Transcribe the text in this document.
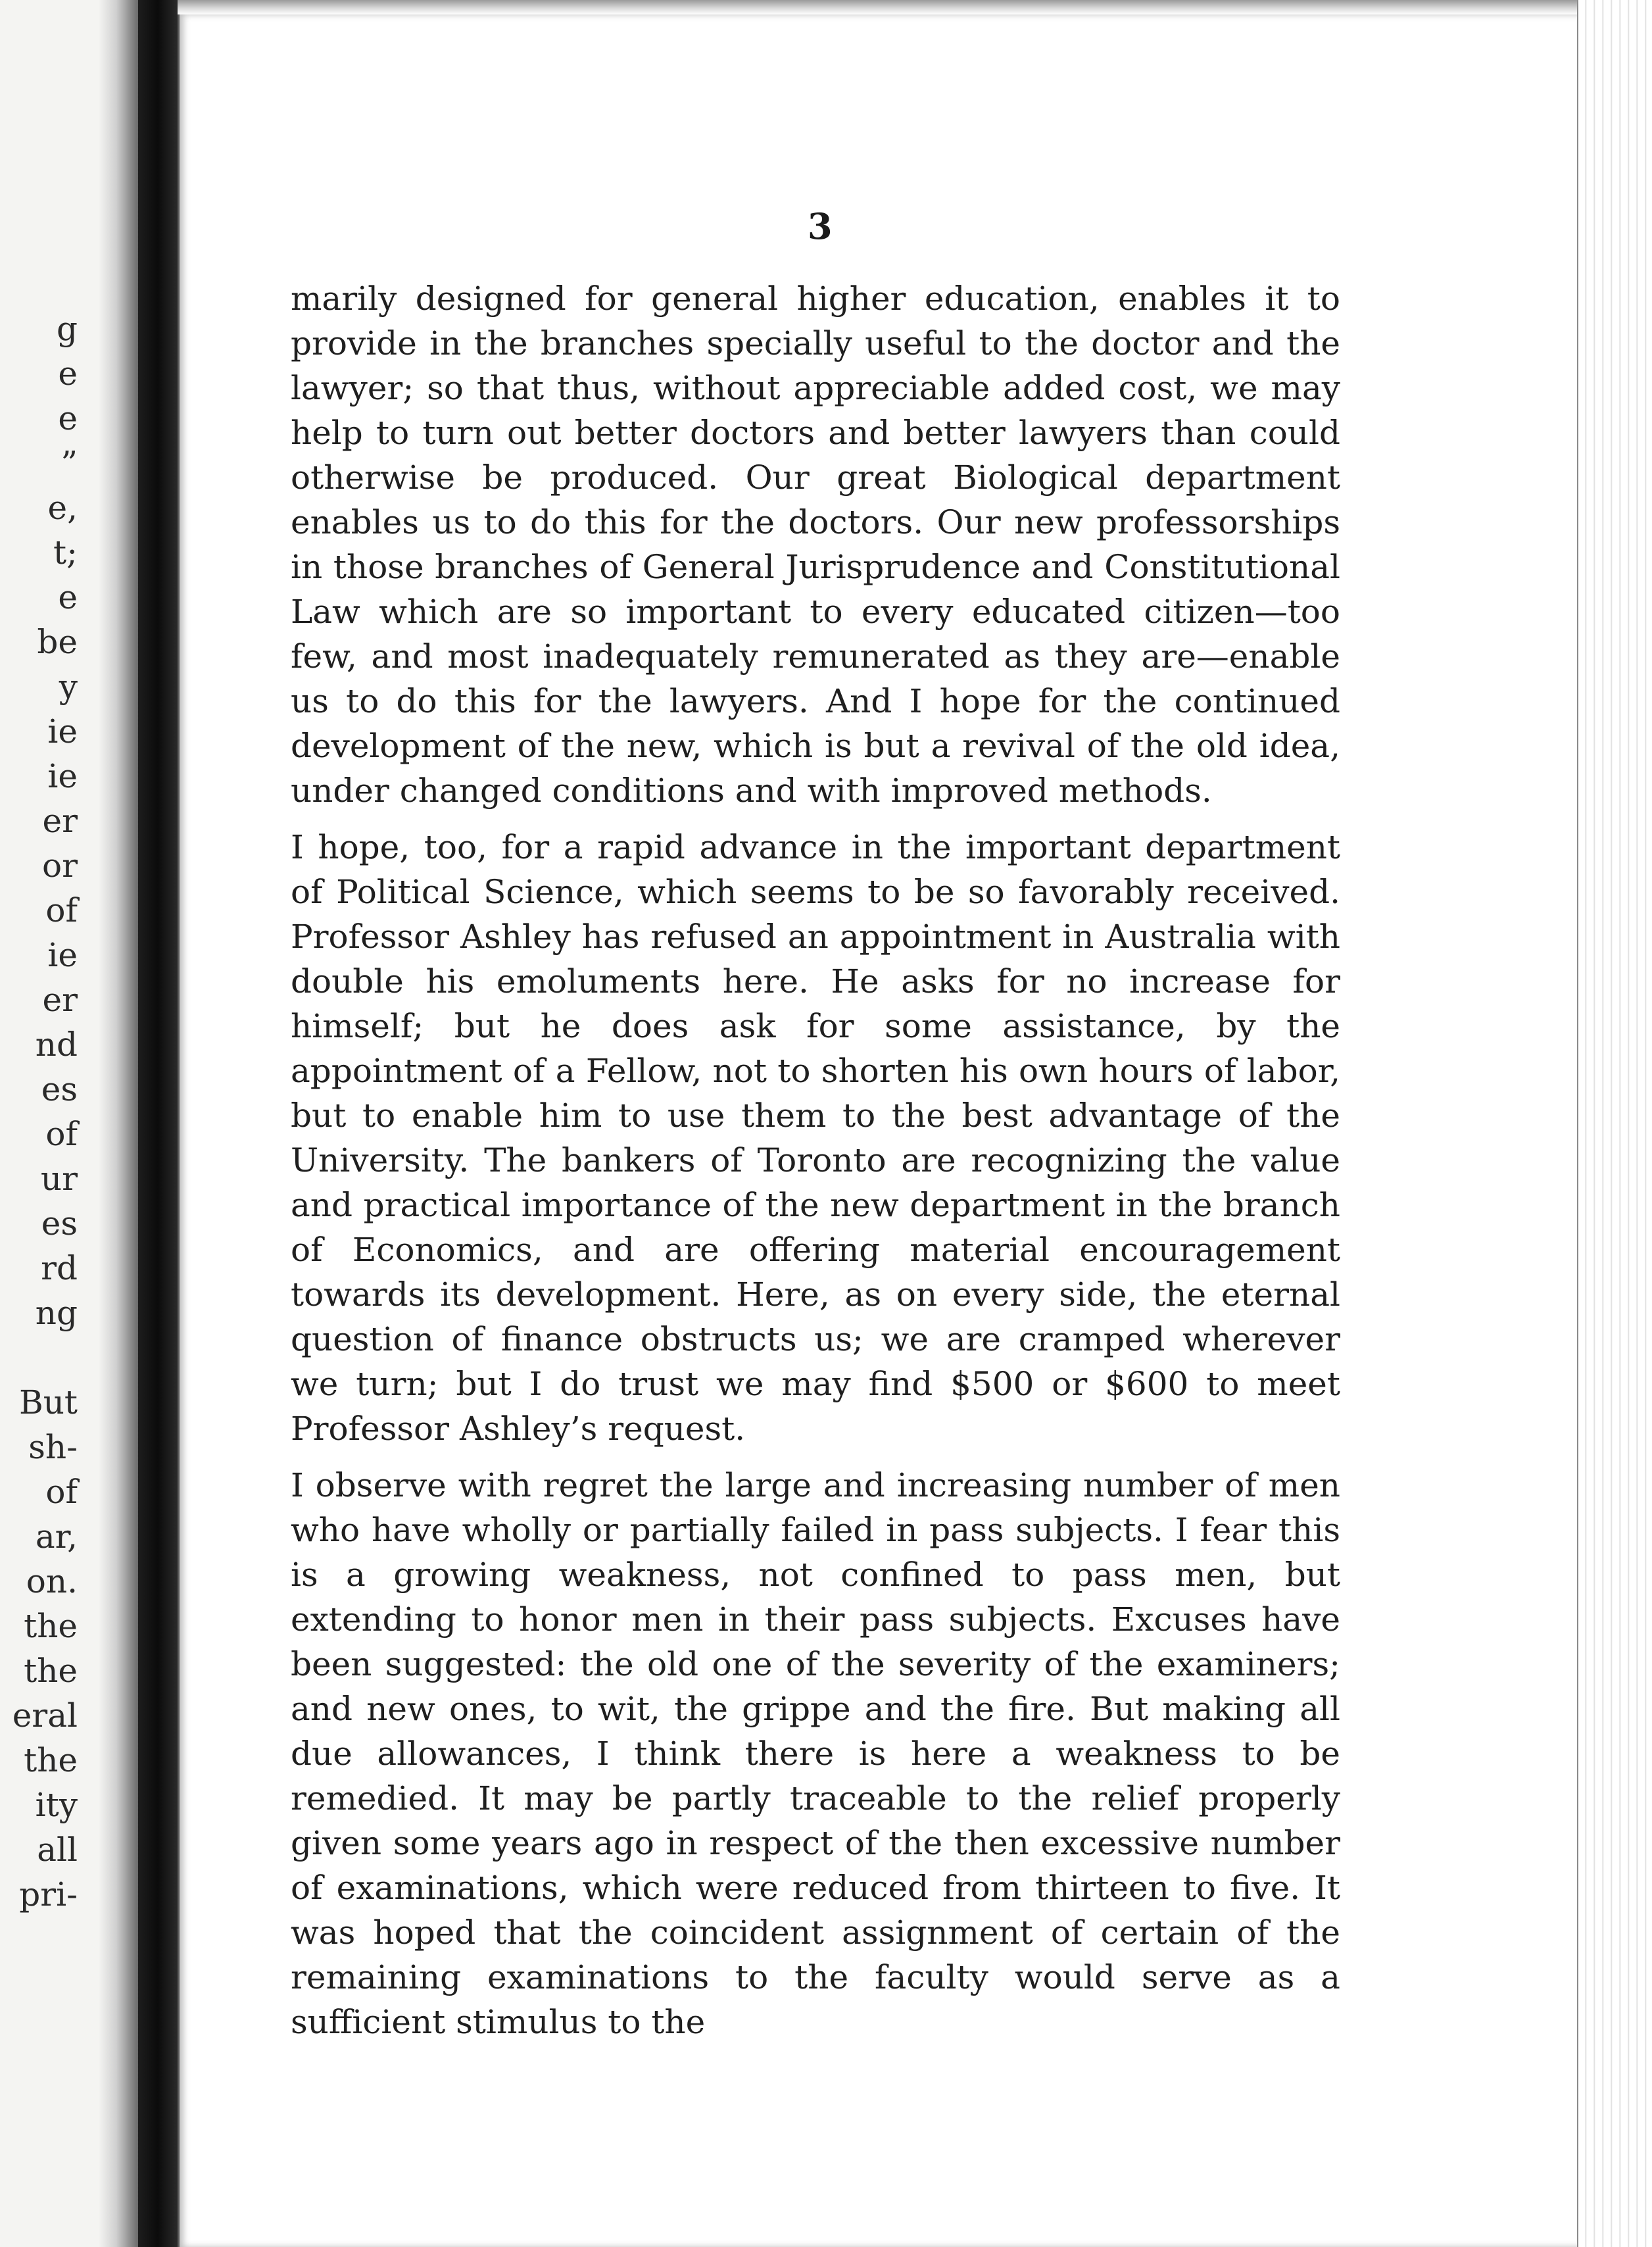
g
e
e
”
e,
t;
e
be
y
ie
ie
er
or
of
ie
er
nd
es
of
ur
es
rd
ng
But
sh-
of
ar,
on.
the
the
eral
the
ity
all
pri-
3

marily designed for general higher education, enables it to provide in the branches specially useful to the doctor and the lawyer; so that thus, without appreciable added cost, we may help to turn out better doctors and better lawyers than could otherwise be produced. Our great Biological department enables us to do this for the doctors. Our new professorships in those branches of General Jurisprudence and Constitutional Law which are so important to every educated citizen—too few, and most inadequately remunerated as they are—enable us to do this for the lawyers. And I hope for the continued development of the new, which is but a revival of the old idea, under changed conditions and with improved methods.

I hope, too, for a rapid advance in the important department of Political Science, which seems to be so favorably received. Professor Ashley has refused an appointment in Australia with double his emoluments here. He asks for no increase for himself; but he does ask for some assistance, by the appointment of a Fellow, not to shorten his own hours of labor, but to enable him to use them to the best advantage of the University. The bankers of Toronto are recognizing the value and practical importance of the new department in the branch of Economics, and are offering material encouragement towards its development. Here, as on every side, the eternal question of finance obstructs us; we are cramped wherever we turn; but I do trust we may find $500 or $600 to meet Professor Ashley’s request.

I observe with regret the large and increasing number of men who have wholly or partially failed in pass subjects. I fear this is a growing weakness, not confined to pass men, but extending to honor men in their pass subjects. Excuses have been suggested: the old one of the severity of the examiners; and new ones, to wit, the grippe and the fire. But making all due allowances, I think there is here a weakness to be remedied. It may be partly traceable to the relief properly given some years ago in respect of the then excessive number of examinations, which were reduced from thirteen to five. It was hoped that the coincident assignment of certain of the remaining examinations to the faculty would serve as a sufficient stimulus to the
